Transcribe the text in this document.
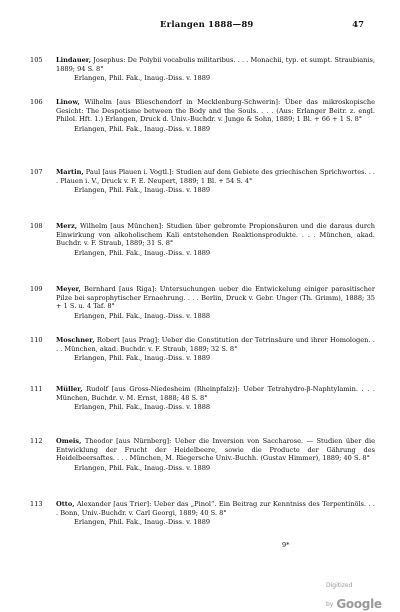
Erlangen 1888—89	47
105	Lindauer, Josephus: De Polybii vocabulis militaribus. . . . Monachii, typ. et sumpt. Straubianis, 1889; 94 S. 8°
Erlangen, Phil. Fak., Inaug.-Diss. v. 1889
106	Linow, Wilhelm [aus Blieschendorf in Mecklenburg-Schwerin]: Über das mikroskopische Gesicht: The Despotisme between the Body and the Souls. . . . (Aus: Erlanger Beitr. z. engl. Philol. Hft. 1.) Erlangen, Druck d. Univ.-Buchdr. v. Junge & Sohn, 1889; 1 Bl. + 66 + 1 S. 8°
Erlangen, Phil. Fak., Inaug.-Diss. v. 1889
107	Martin, Paul [aus Plauen i. Vogtl.]: Studien auf dem Gebiete des griechischen Sprichwortes. . . . Plauen i. V., Druck v. F. E. Neupert, 1889; 1 Bl. + 54 S. 4°
Erlangen, Phil. Fak., Inaug.-Diss. v. 1889
108	Merz, Wilhelm [aus München]: Studien über gebromte Propionsäuren und die daraus durch Einwirkung von alkoholischem Kali entstehenden Reaktionsprodukte. . . . München, akad. Buchdr. v. F. Straub, 1889; 31 S. 8°
Erlangen, Phil. Fak., Inaug.-Diss. v. 1889
109	Meyer, Bernhard [aus Riga]: Untersuchungen ueber die Entwickelung einiger parasitischer Pilze bei saprophytischer Ernaehrung. . . . Berlin, Druck v. Gebr. Unger (Th. Grimm), 1888; 35 + 1 S. u. 4 Taf. 8°
Erlangen, Phil. Fak., Inaug.-Diss. v. 1888
110	Moschner, Robert [aus Prag]: Ueber die Constitution der Tetrinsäure und ihrer Homologen. . . . München, akad. Buchdr. v. F. Straub, 1889; 32 S. 8°
Erlangen, Phil. Fak., Inaug.-Diss. v. 1889
111	Müller, Rudolf [aus Gross-Niedesheim (Rheinpfalz)]: Ueber Tetrahydro-β-Naphtylamin. . . . München, Buchdr. v. M. Ernst, 1888; 48 S. 8°
Erlangen, Phil. Fak., Inaug.-Diss. v. 1888
112	Omeis, Theodor [aus Nürnberg]: Ueber die Inversion von Saccharose. — Studien über die Entwicklung der Frucht der Heidelbeere, sowie die Producte der Gährung des Heidelbeersaftes. . . . München, M. Riegersche Univ.-Buchh. (Gustav Himmer), 1889; 40 S. 8°
Erlangen, Phil. Fak., Inaug.-Diss. v. 1889
113	Otto, Alexander [aus Trier]: Ueber das „Pinol“. Ein Beitrag zur Kenntniss des Terpentinöls. . . . Bonn, Univ.-Buchdr. v. Carl Georgi, 1889; 40 S. 8°
Erlangen, Phil. Fak., Inaug.-Diss. v. 1889
9*
Digitized by Google
